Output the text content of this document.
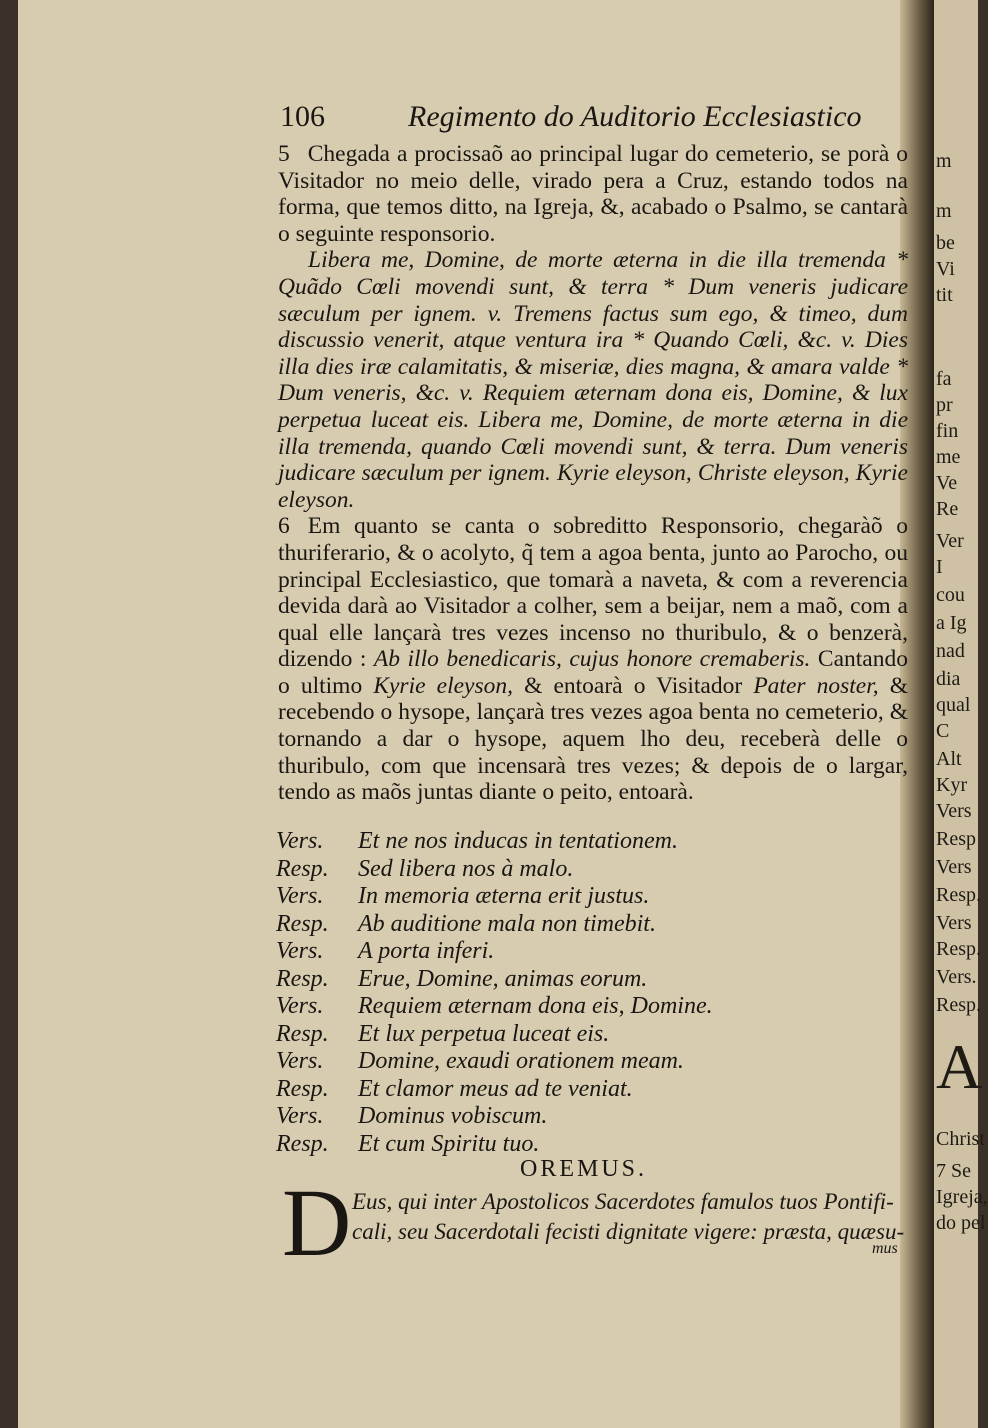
m
m
be
Vi
tit
fa
pr
fin
me
Ve
Re
Ver
I
cou
a Ig
nad
dia
qual
C
Alt
Kyr
Vers
Resp
Vers
Resp.
Vers
Resp.
Vers.
Resp.
A
Christ
7 Se
Igreja,
do pel
106	Regimento do Auditorio Ecclesiastico

5 Chegada a procissaõ ao principal lugar do cemeterio, se porà o Visitador no meio delle, virado pera a Cruz, estando todos na forma, que temos ditto, na Igreja, &, acabado o Psalmo, se cantarà o seguinte responsorio.

Libera me, Domine, de morte æterna in die illa tremenda * Quãdo Cœli movendi sunt, & terra * Dum veneris judicare sæculum per ignem. v. Tremens factus sum ego, & timeo, dum discussio venerit, atque ventura ira * Quando Cœli, &c. v. Dies illa dies iræ calamitatis, & miseriæ, dies magna, & amara valde * Dum veneris, &c. v. Requiem æternam dona eis, Domine, & lux perpetua luceat eis. Libera me, Domine, de morte æterna in die illa tremenda, quando Cœli movendi sunt, & terra. Dum veneris judicare sæculum per ignem. Kyrie eleyson, Christe eleyson, Kyrie eleyson.

6 Em quanto se canta o sobreditto Responsorio, chegaràõ o thuriferario, & o acolyto, q̃ tem a agoa benta, junto ao Parocho, ou principal Ecclesiastico, que tomarà a naveta, & com a reverencia devida darà ao Visitador a colher, sem a beijar, nem a maõ, com a qual elle lançarà tres vezes incenso no thuribulo, & o benzerà, dizendo : Ab illo benedicaris, cujus honore cremaberis. Cantando o ultimo Kyrie eleyson, & entoarà o Visitador Pater noster, & recebendo o hysope, lançarà tres vezes agoa benta no cemeterio, & tornando a dar o hysope, aquem lho deu, receberà delle o thuribulo, com que incensarà tres vezes; & depois de o largar, tendo as maõs juntas diante o peito, entoarà.

Vers. Et ne nos inducas in tentationem.
Resp. Sed libera nos à malo.
Vers. In memoria æterna erit justus.
Resp. Ab auditione mala non timebit.
Vers. A porta inferi.
Resp. Erue, Domine, animas eorum.
Vers. Requiem æternam dona eis, Domine.
Resp. Et lux perpetua luceat eis.
Vers. Domine, exaudi orationem meam.
Resp. Et clamor meus ad te veniat.
Vers. Dominus vobiscum.
Resp. Et cum Spiritu tuo.
OREMUS.
D Eus, qui inter Apostolicos Sacerdotes famulos tuos Pontifi-
cali, seu Sacerdotali fecisti dignitate vigere: præsta, quæsu-
mus
